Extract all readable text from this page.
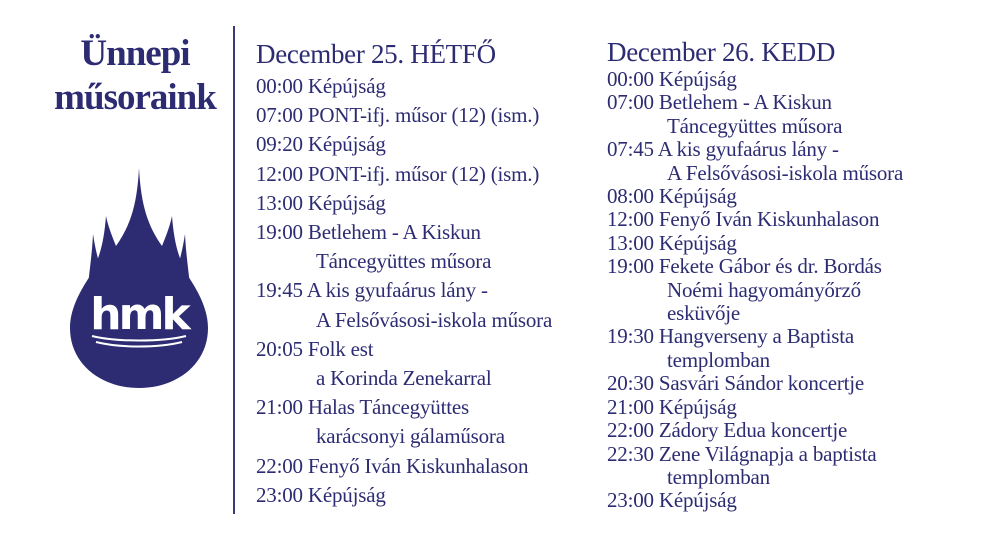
Ünnepi
műsoraink
hmk
December 25. HÉTFŐ
00:00 Képújság
07:00 PONT-ifj. műsor (12) (ism.)
09:20 Képújság
12:00 PONT-ifj. műsor (12) (ism.)
13:00 Képújság
19:00 Betlehem - A Kiskun
Táncegyüttes műsora
19:45 A kis gyufaárus lány -
A Felsővásosi-iskola műsora
20:05 Folk est
a Korinda Zenekarral
21:00 Halas Táncegyüttes
karácsonyi gálaműsora
22:00 Fenyő Iván Kiskunhalason
23:00 Képújság
December 26. KEDD
00:00 Képújság
07:00 Betlehem - A Kiskun
Táncegyüttes műsora
07:45 A kis gyufaárus lány -
A Felsővásosi-iskola műsora
08:00 Képújság
12:00 Fenyő Iván Kiskunhalason
13:00 Képújság
19:00 Fekete Gábor és dr. Bordás
Noémi hagyományőrző
esküvője
19:30 Hangverseny a Baptista
templomban
20:30 Sasvári Sándor koncertje
21:00 Képújság
22:00 Zádory Edua koncertje
22:30 Zene Világnapja a baptista
templomban
23:00 Képújság
